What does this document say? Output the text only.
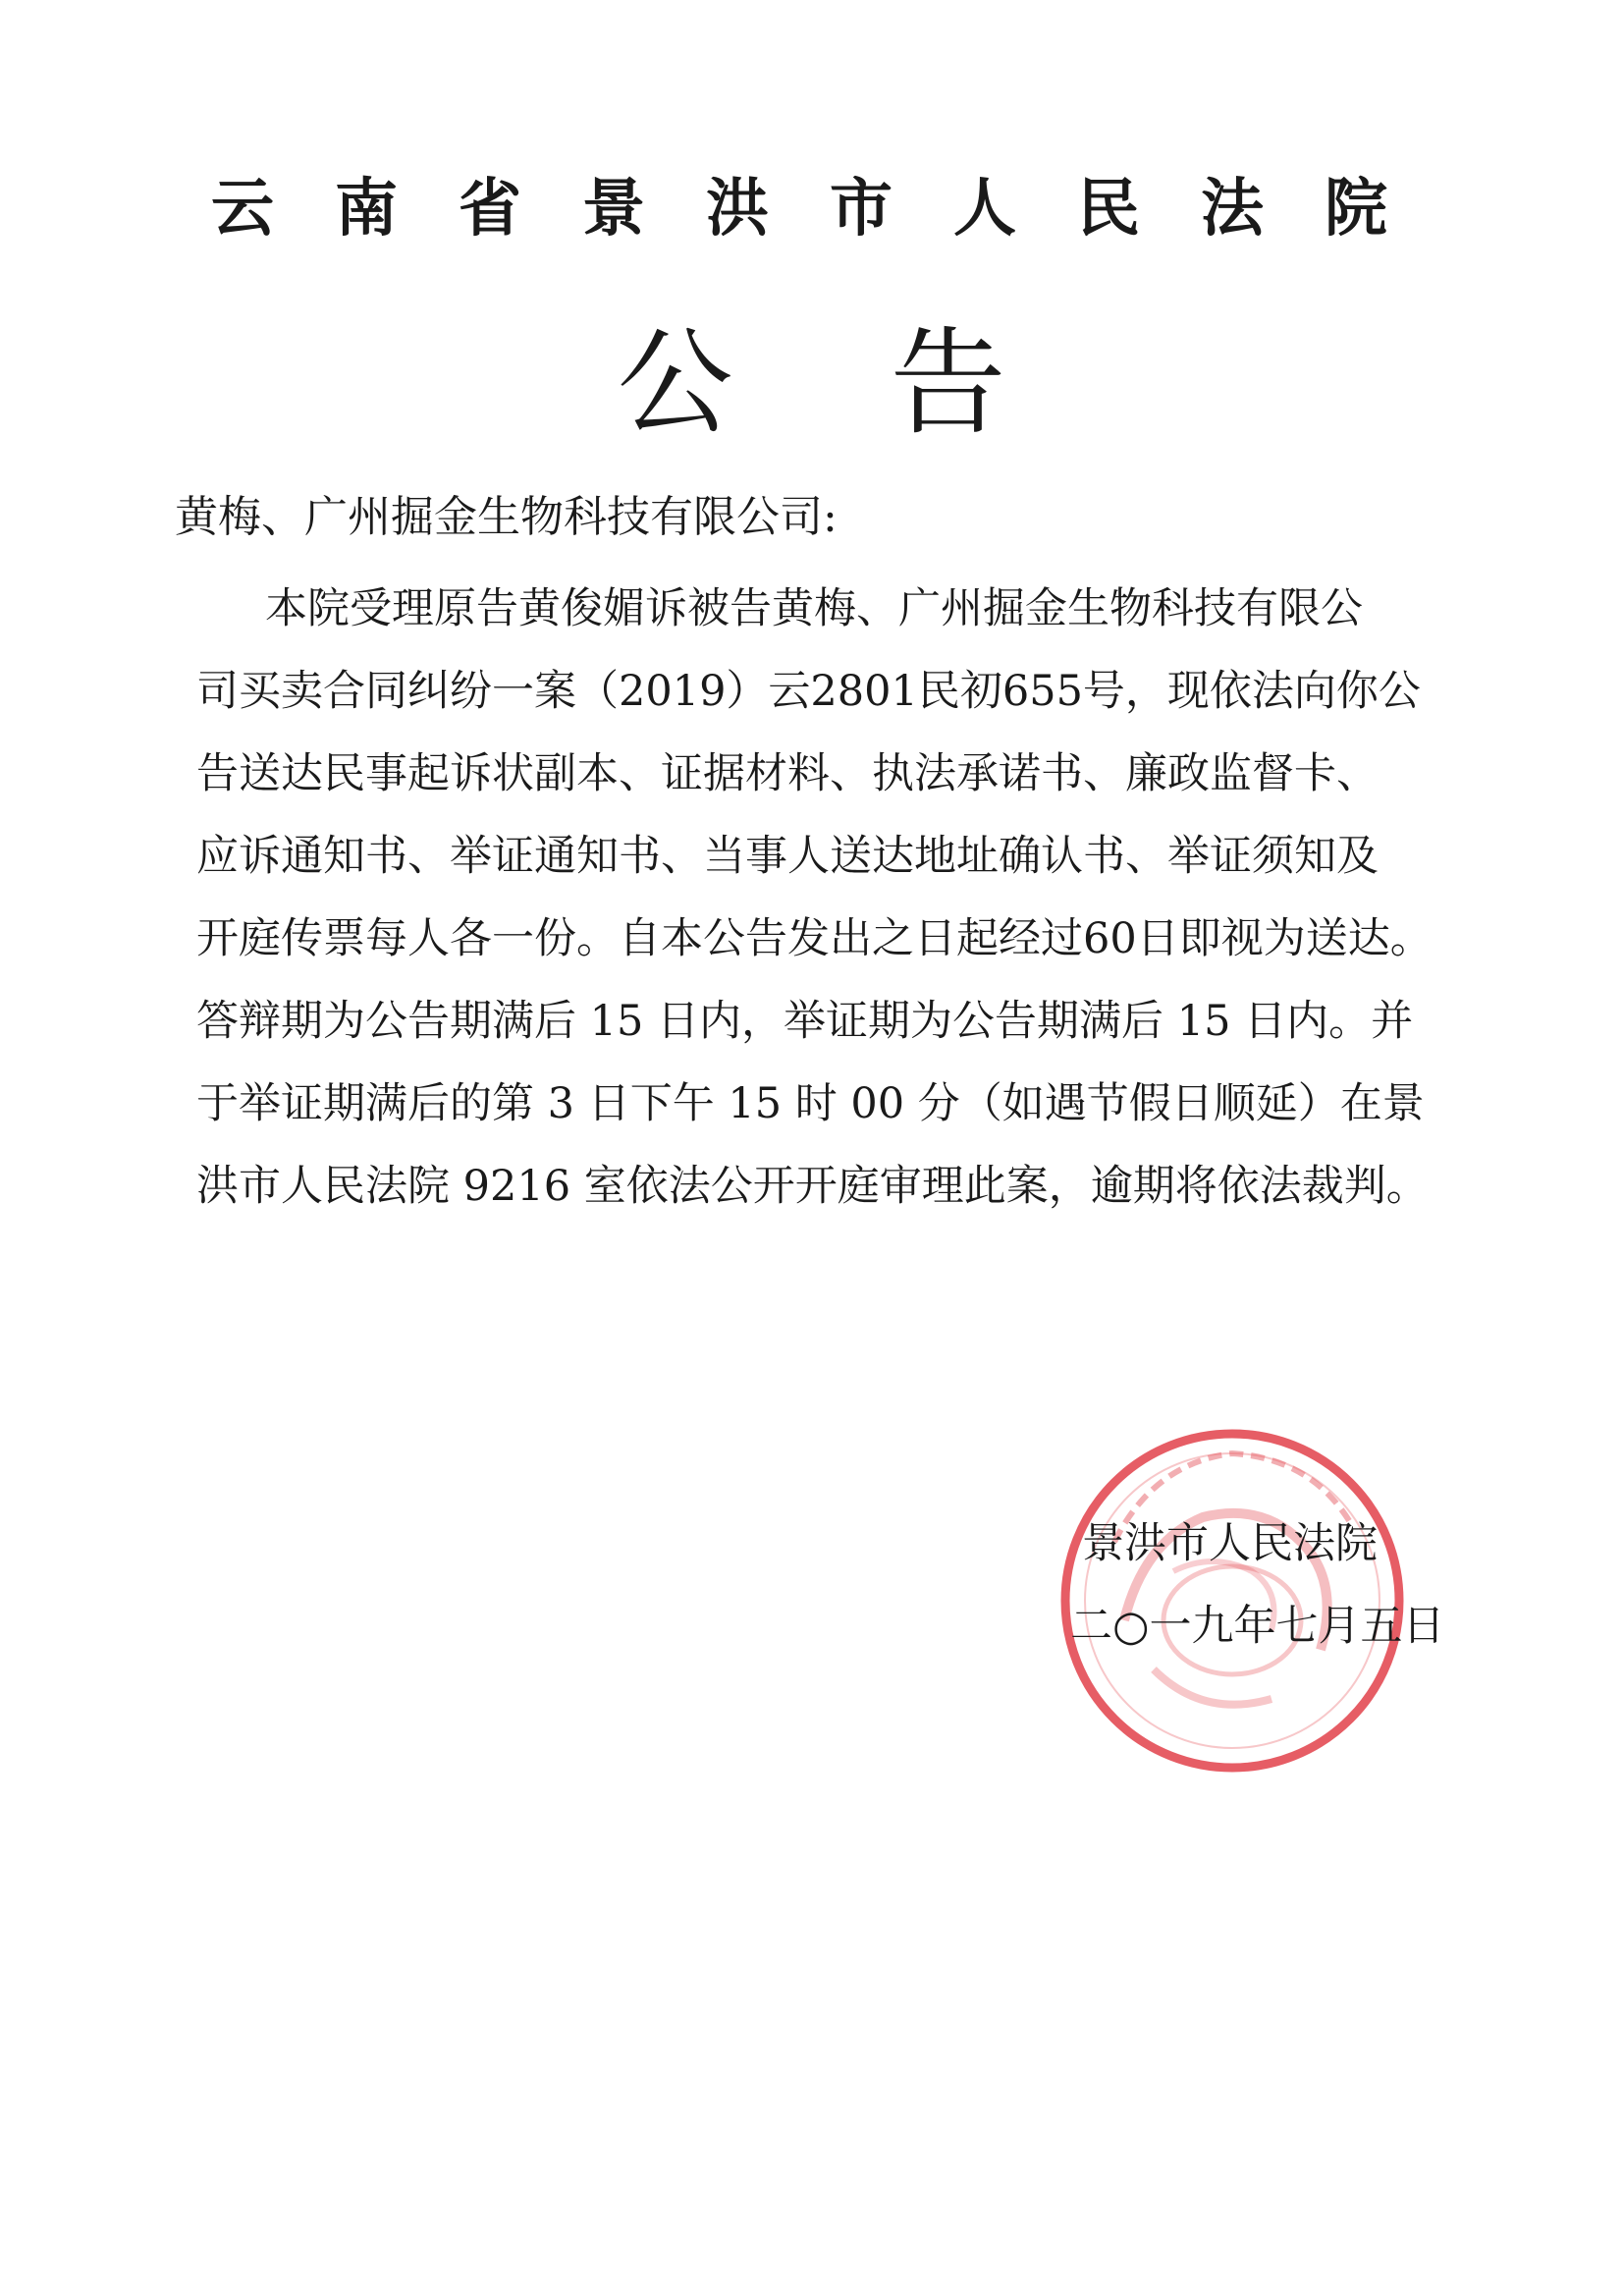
云南省景洪市人民法院
公告
黄梅、广州掘金生物科技有限公司:
本院受理原告黄俊媚诉被告黄梅、广州掘金生物科技有限公
司买卖合同纠纷一案（2019）云2801民初655号，现依法向你公
告送达民事起诉状副本、证据材料、执法承诺书、廉政监督卡、
应诉通知书、举证通知书、当事人送达地址确认书、举证须知及
开庭传票每人各一份。自本公告发出之日起经过60日即视为送达。
答辩期为公告期满后 15 日内，举证期为公告期满后 15 日内。并
于举证期满后的第 3 日下午 15 时 00 分（如遇节假日顺延）在景
洪市人民法院 9216 室依法公开开庭审理此案，逾期将依法裁判。
景洪市人民法院
二○一九年七月五日
